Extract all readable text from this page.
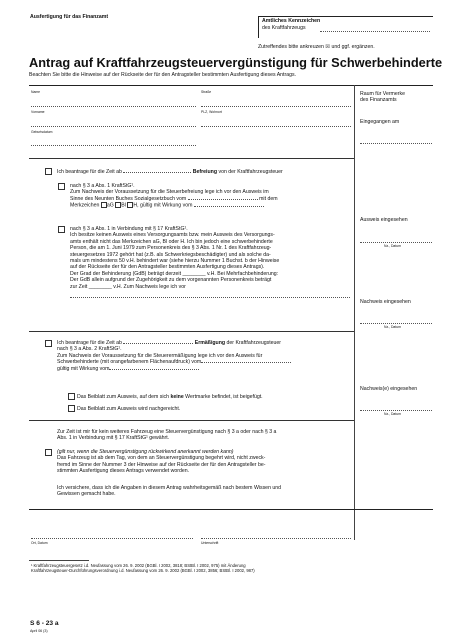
Ausfertigung für das Finanzamt
Amtliches Kennzeichen
des Kraftfahrzeugs
Zutreffendes bitte ankreuzen ☒ und ggf. ergänzen.
Antrag auf Kraftfahrzeugsteuervergünstigung für Schwerbehinderte
Beachten Sie bitte die Hinweise auf der Rückseite der für den Antragsteller bestimmten Ausfertigung dieses Antrags.
Name	Straße
Vorname	PLZ, Wohnort
Geburtsdatum
Raum für Vermerke
des Finanzamts
Eingegangen am
Ausweis eingesehen
Nz., Datum
Nachweis eingesehen
Nz., Datum
Nachweis(e) eingesehen
Nz., Datum
Ich beantrage für die Zeit ab	Befreiung von der Kraftfahrzeugsteuer

nach § 3 a Abs. 1 KraftStG¹.

Zum Nachweis der Voraussetzung für die Steuerbefreiung lege ich vor den Ausweis im

Sinne des Neunten Buches Sozialgesetzbuch vom	mit dem

Merkzeichen aG Bl H, gültig mit Wirkung vom

nach § 3 a Abs. 1 in Verbindung mit § 17 KraftStG¹.

Ich besitze keinen Ausweis eines Versorgungsamts bzw. mein Ausweis des Versorgungs-

amts enthält nicht das Merkzeichen aG, Bl oder H. Ich bin jedoch eine schwerbehinderte

Person, die am 1. Juni 1979 zum Personenkreis des § 3 Abs. 1 Nr. 1 des Kraftfahrzeug-

steuergesetzes 1972 gehört hat (z.B. als Schwerkriegsbeschädigter) und als solche da-

mals um mindestens 50 v.H. behindert war (siehe hierzu Nummer 1 Buchst. b der Hinweise

auf der Rückseite der für den Antragsteller bestimmten Ausfertigung dieses Antrags).

Der Grad der Behinderung (GdB) beträgt derzeit ________ v.H. Bei Mehrfachbehinderung:

Der GdB allein aufgrund der Zugehörigkeit zu dem vorgenannten Personenkreis beträgt

zur Zeit ________ v.H. Zum Nachweis lege ich vor

Ich beantrage für die Zeit ab	Ermäßigung der Kraftfahrzeugsteuer

nach § 3 a Abs. 2 KraftStG¹.

Zum Nachweis der Voraussetzung für die Steuerermäßigung lege ich vor den Ausweis für

Schwerbehinderte (mit orangefarbenem Flächenaufdruck) vom

gültig mit Wirkung vom

Das Beiblatt zum Ausweis, auf dem sich keine Wertmarke befindet, ist beigefügt.
Das Beiblatt zum Ausweis wird nachgereicht.

Zur Zeit ist mir für kein weiteres Fahrzeug eine Steuervergünstigung nach § 3 a oder nach § 3 a

Abs. 1 in Verbindung mit § 17 KraftStG¹ gewährt.

(gilt nur, wenn die Steuervergünstigung rückwirkend anerkannt werden kann)

Das Fahrzeug ist ab dem Tag, von dem an Steuervergünstigung begehrt wird, nicht zweck-

fremd im Sinne der Nummer 3 der Hinweise auf der Rückseite der für den Antragsteller be-

stimmten Ausfertigung dieses Antrags verwendet worden.

Ich versichere, dass ich die Angaben in diesem Antrag wahrheitsgemäß nach bestem Wissen und

Gewissen gemacht habe.

Ort, Datum	Unterschrift
¹ Kraftfahrzeugsteuergesetz i.d. Neufassung vom 26. 9. 2002 (BGBl. I 2002, 3818; BStBl. I 2002, 975) mit Änderung
Kraftfahrzeugsteuer-Durchführungsverordnung i.d. Neufassung vom 26. 9. 2002 (BGBl. I 2002, 3856; BStBl. I 2002, 987)
S 6 - 23 a
April 06 (3)
